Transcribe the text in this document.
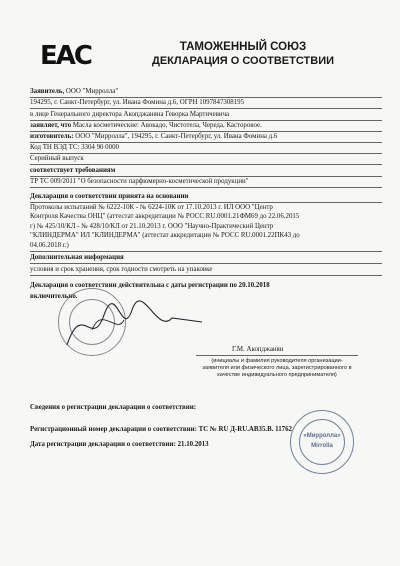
EAC	ТАМОЖЕННЫЙ СОЮЗ
ДЕКЛАРАЦИЯ О СООТВЕТСТВИИ
Заявитель, ООО "Мирролла"
194295, г. Санкт-Петербург, ул. Ивана Фомина д.6, ОГРН 1097847308195
в лице Генерального директора Акопджаняна Геворка Мартичевича
заявляет, что Масла косметические: Авокадо, Чистотела, Череда, Касторовое.
изготовитель: ООО "Мирролла", 194295, г. Санкт-Петербург, ул. Ивана Фомина д.6
Код ТН ВЭД ТС: 3304 90 0000
Серийный выпуск
соответствует требованиям
ТР ТС 009/2011 "О безопасности парфюмерно-косметической продукции"
Декларация о соответствии принята на основании
Протоколы испытаний № 6222-10К - № 6224-10К от 17.10.2013 г. ИЛ ООО "Центр
Контроля Качества ОНЦ" (аттестат аккредитации № РОСС RU.0001.21ФМ69 до 22.06.2015
г) № 425/10/КЛ - № 428/10/КЛ от 21.10.2013 г. ООО "Научно-Практический Центр
"КЛИНДЕРМА" ИЛ "КЛИНДЕРМА" (аттестат аккредитации № РОСС RU.0001.22ПК43 до
04.06.2018 г.)
Дополнительная информация
условия и срок хранения, срок годности смотреть на упаковке
Декларация о соответствии действительна с даты регистрации по 20.10.2018
включительно.
Г.М. Акопджанян
(инициалы и фамилия руководителя организации-
заявителя или физического лица, зарегистрированного в
качестве индивидуального предпринимателя)
Сведения о регистрации декларации о соответствии:
Регистрационный номер декларации о соответствии: ТС № RU Д-RU.АВ35.В. 11762
Дата регистрации декларации о соответствии: 21.10.2013
«Мирролла»
Mirrolla
